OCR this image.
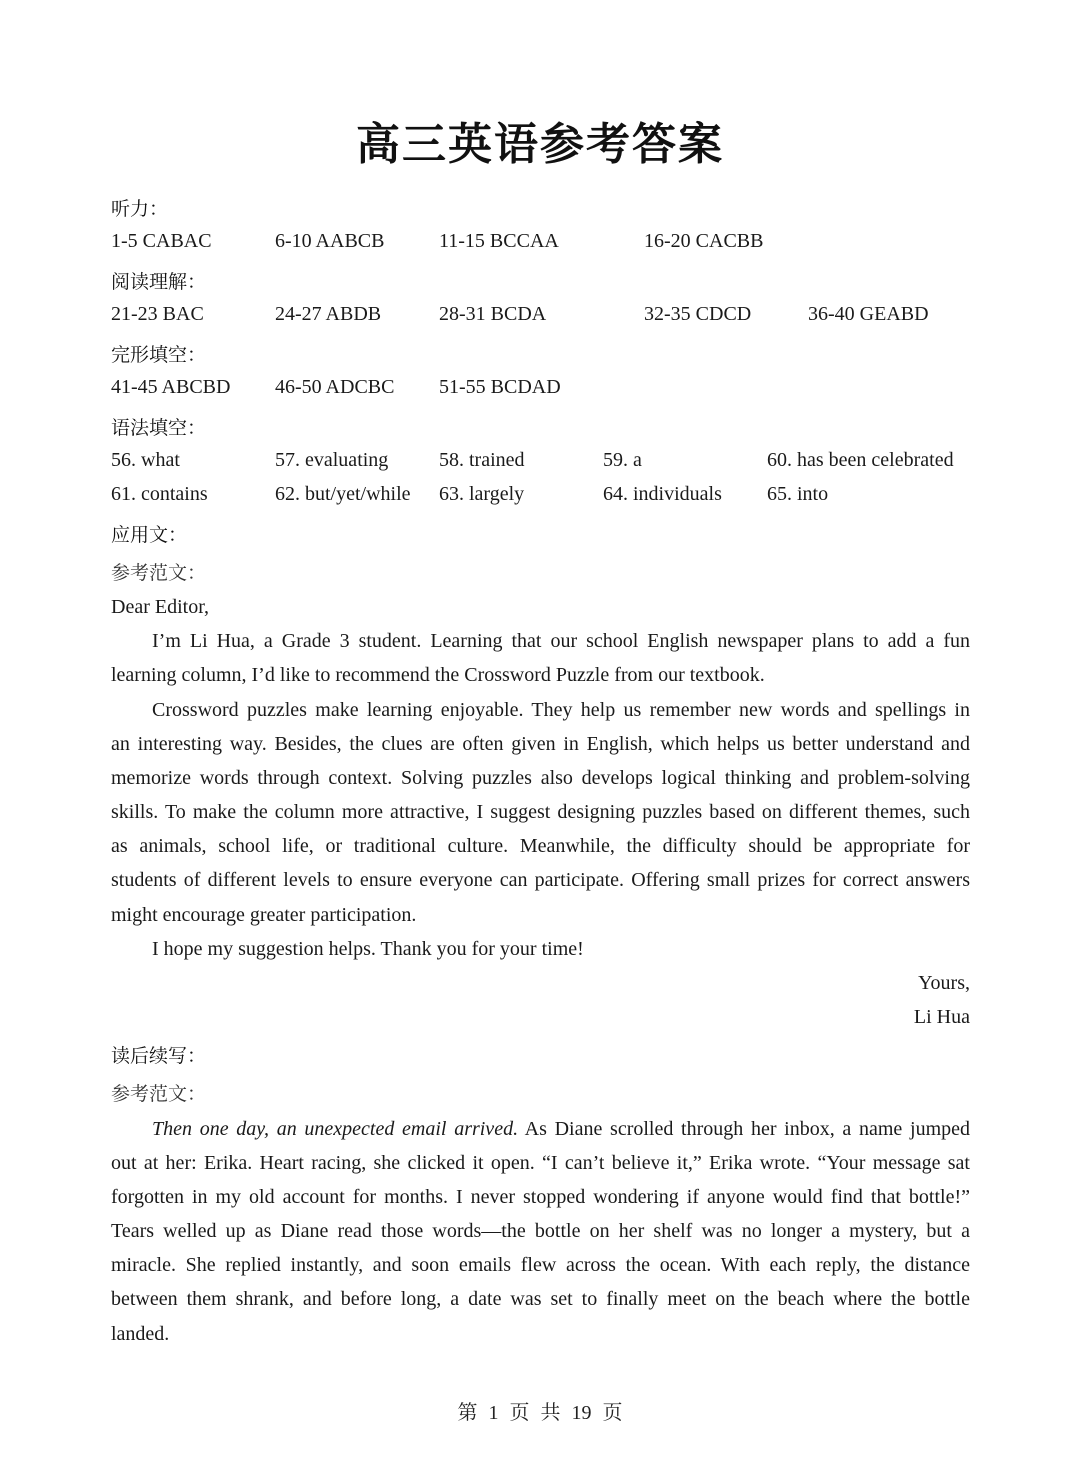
高三英语参考答案
听力：
1-5 CABAC	6-10 AABCB	11-15 BCCAA	16-20 CACBB
阅读理解：
21-23 BAC	24-27 ABDB	28-31 BCDA	32-35 CDCD	36-40 GEABD
完形填空：
41-45 ABCBD 46-50 ADCBC 51-55 BCDAD
语法填空：
56. what	57. evaluating	58. trained	59. a	60. has been celebrated
61. contains	62. but/yet/while 63. largely	64. individuals 65. into
应用文：
参考范文：
Dear Editor,
I’m Li Hua, a Grade 3 student. Learning that our school English newspaper plans to add a fun
learning column, I’d like to recommend the Crossword Puzzle from our textbook.
Crossword puzzles make learning enjoyable. They help us remember new words and spellings in
an interesting way. Besides, the clues are often given in English, which helps us better understand and
memorize words through context. Solving puzzles also develops logical thinking and problem-solving
skills. To make the column more attractive, I suggest designing puzzles based on different themes, such
as animals, school life, or traditional culture. Meanwhile, the difficulty should be appropriate for
students of different levels to ensure everyone can participate. Offering small prizes for correct answers
might encourage greater participation.
I hope my suggestion helps. Thank you for your time!
Yours,
Li Hua
读后续写：
参考范文：
Then one day, an unexpected email arrived. As Diane scrolled through her inbox, a name jumped
out at her: Erika. Heart racing, she clicked it open. “I can’t believe it,” Erika wrote. “Your message sat
forgotten in my old account for months. I never stopped wondering if anyone would find that bottle!”
Tears welled up as Diane read those words—the bottle on her shelf was no longer a mystery, but a
miracle. She replied instantly, and soon emails flew across the ocean. With each reply, the distance
between them shrank, and before long, a date was set to finally meet on the beach where the bottle
landed.
第 1 页 共 19 页
